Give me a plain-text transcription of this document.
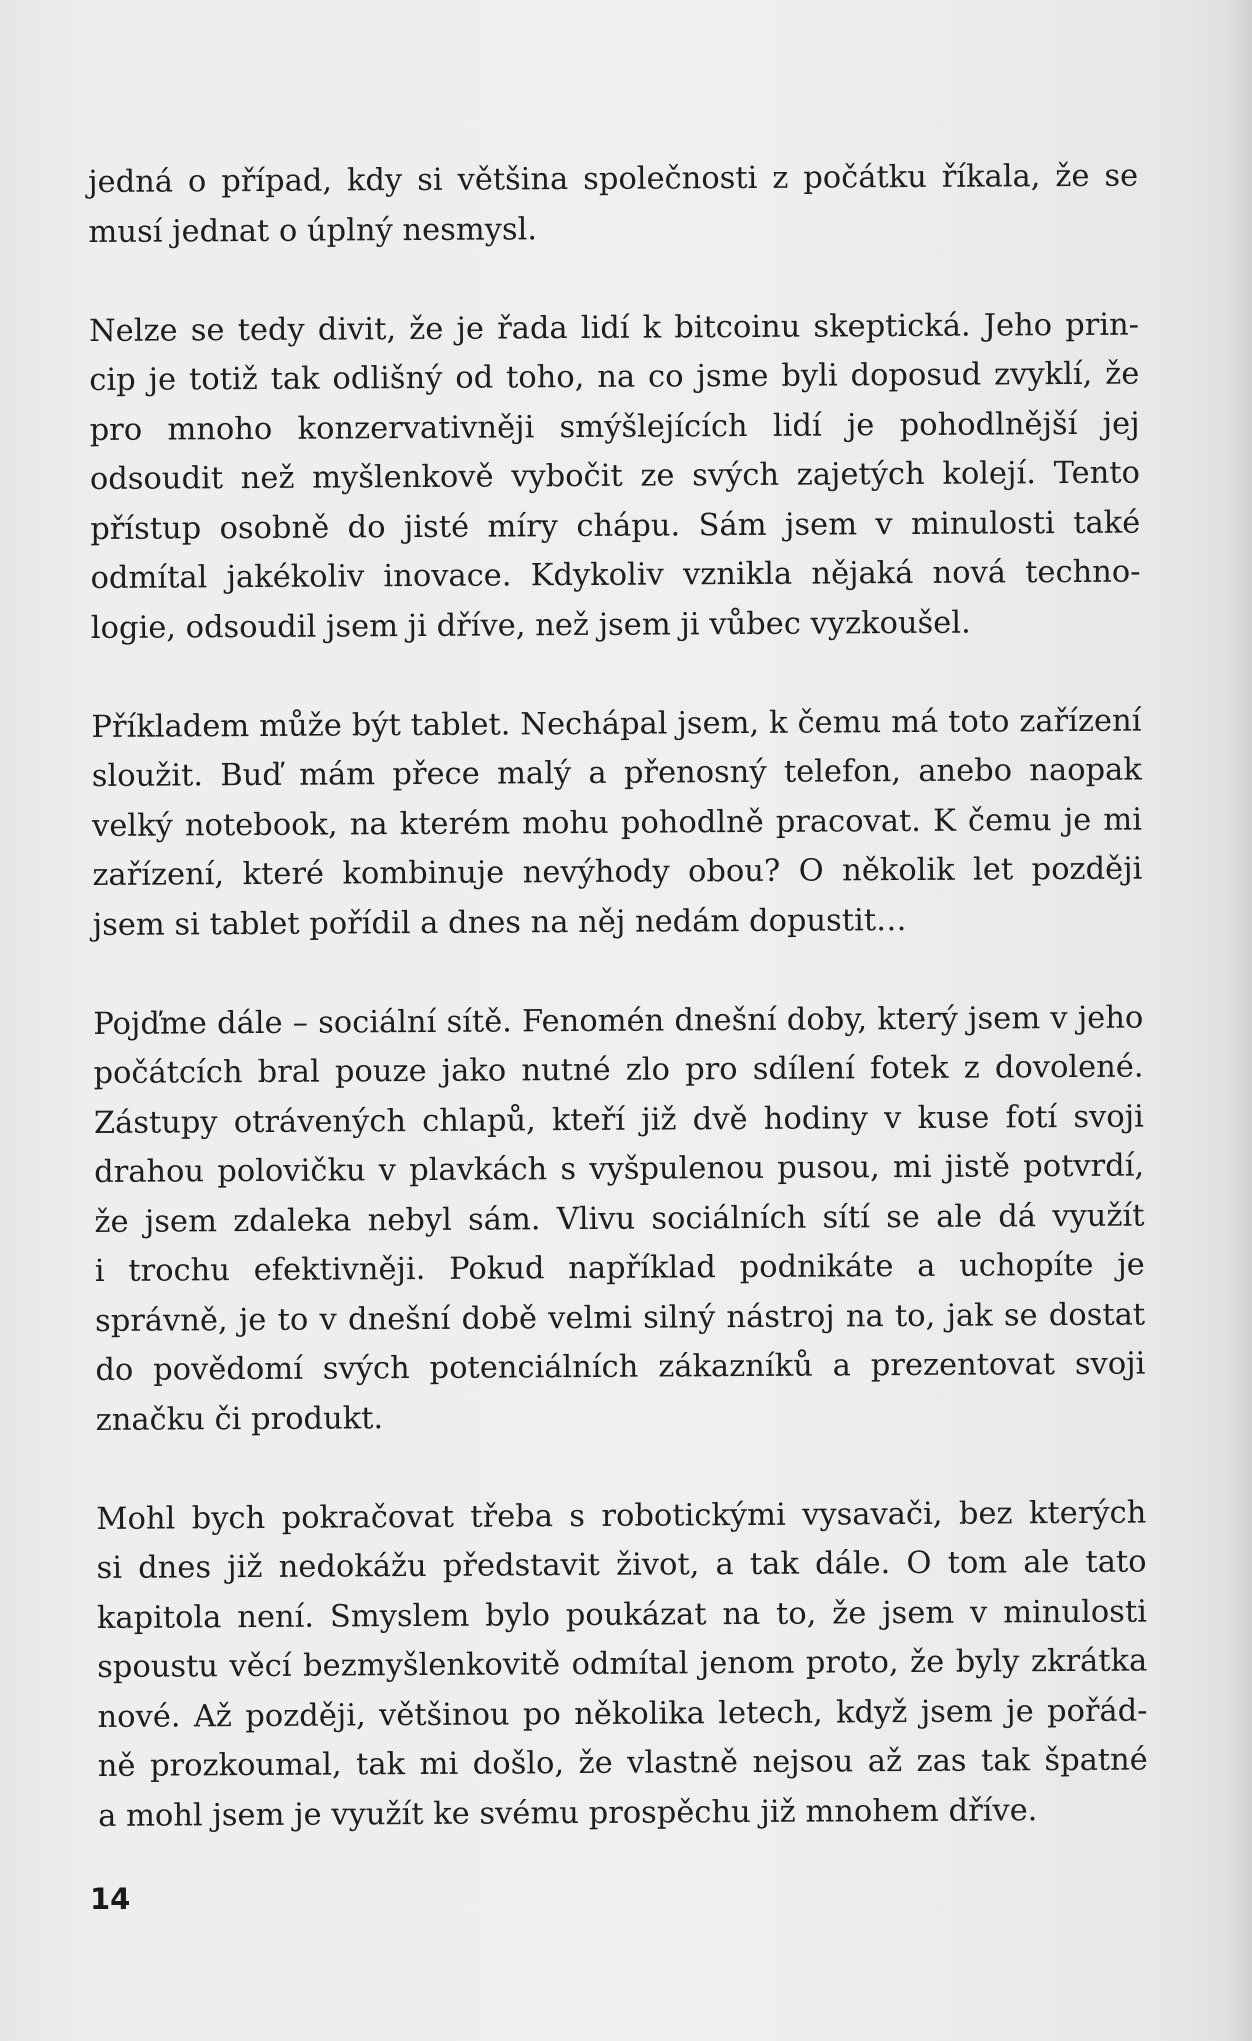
jedná o případ, kdy si většina společnosti z počátku říkala, že se
musí jednat o úplný nesmysl.

Nelze se tedy divit, že je řada lidí k bitcoinu skeptická. Jeho prin-
cip je totiž tak odlišný od toho, na co jsme byli doposud zvyklí, že
pro mnoho konzervativněji smýšlejících lidí je pohodlnější jej
odsoudit než myšlenkově vybočit ze svých zajetých kolejí. Tento
přístup osobně do jisté míry chápu. Sám jsem v minulosti také
odmítal jakékoliv inovace. Kdykoliv vznikla nějaká nová techno-
logie, odsoudil jsem ji dříve, než jsem ji vůbec vyzkoušel.

Příkladem může být tablet. Nechápal jsem, k čemu má toto zařízení
sloužit. Buď mám přece malý a přenosný telefon, anebo naopak
velký notebook, na kterém mohu pohodlně pracovat. K čemu je mi
zařízení, které kombinuje nevýhody obou? O několik let později
jsem si tablet pořídil a dnes na něj nedám dopustit…

Pojďme dále – sociální sítě. Fenomén dnešní doby, který jsem v jeho
počátcích bral pouze jako nutné zlo pro sdílení fotek z dovolené.
Zástupy otrávených chlapů, kteří již dvě hodiny v kuse fotí svoji
drahou polovičku v plavkách s vyšpulenou pusou, mi jistě potvrdí,
že jsem zdaleka nebyl sám. Vlivu sociálních sítí se ale dá využít
i trochu efektivněji. Pokud například podnikáte a uchopíte je
správně, je to v dnešní době velmi silný nástroj na to, jak se dostat
do povědomí svých potenciálních zákazníků a prezentovat svoji
značku či produkt.

Mohl bych pokračovat třeba s robotickými vysavači, bez kterých
si dnes již nedokážu představit život, a tak dále. O tom ale tato
kapitola není. Smyslem bylo poukázat na to, že jsem v minulosti
spoustu věcí bezmyšlenkovitě odmítal jenom proto, že byly zkrátka
nové. Až později, většinou po několika letech, když jsem je pořád-
ně prozkoumal, tak mi došlo, že vlastně nejsou až zas tak špatné
a mohl jsem je využít ke svému prospěchu již mnohem dříve.

14
